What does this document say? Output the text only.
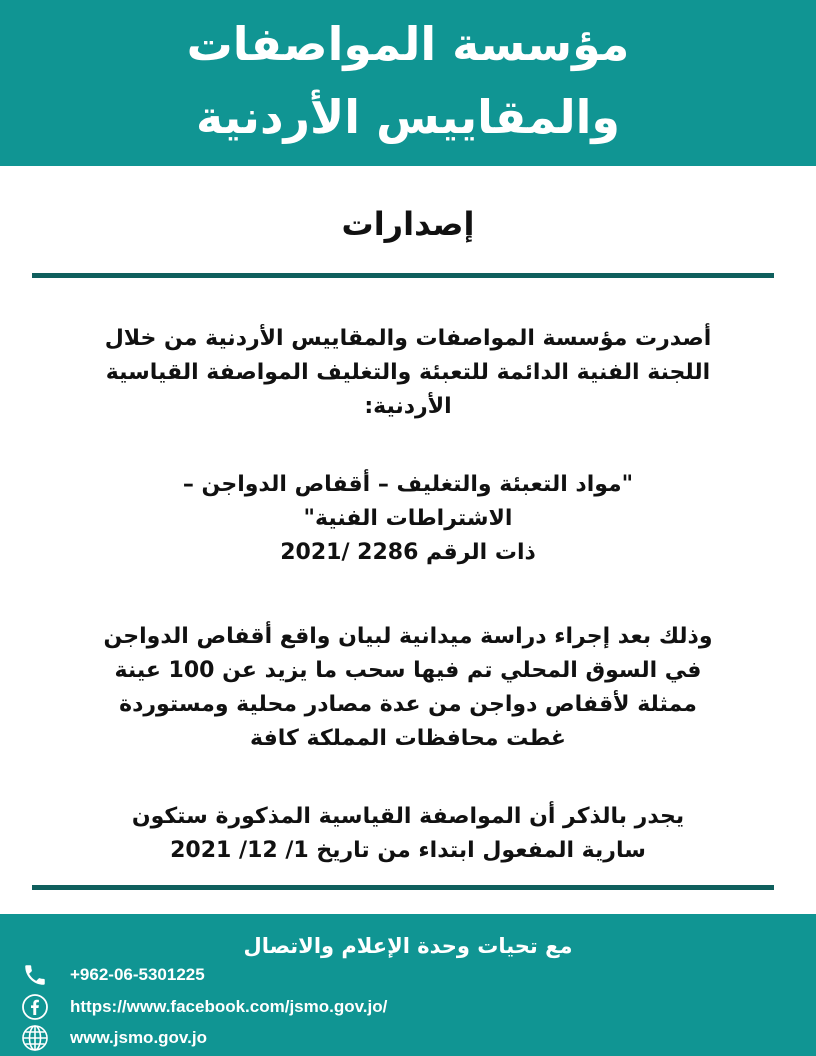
مؤسسة المواصفات
والمقاييس الأردنية
إصدارات
أصدرت مؤسسة المواصفات والمقاييس الأردنية من خلال
اللجنة الفنية الدائمة للتعبئة والتغليف المواصفة القياسية
الأردنية:
"مواد التعبئة والتغليف – أقفاص الدواجن –
الاشتراطات الفنية"
ذات الرقم 2286 /2021
وذلك بعد إجراء دراسة ميدانية لبيان واقع أقفاص الدواجن
في السوق المحلي تم فيها سحب ما يزيد عن 100 عينة
ممثلة لأقفاص دواجن من عدة مصادر محلية ومستوردة
غطت محافظات المملكة كافة
يجدر بالذكر أن المواصفة القياسية المذكورة ستكون
سارية المفعول ابتداء من تاريخ 1/ 12/ 2021
مع تحيات وحدة الإعلام والاتصال
+962-06-5301225
https://www.facebook.com/jsmo.gov.jo/
www.jsmo.gov.jo
